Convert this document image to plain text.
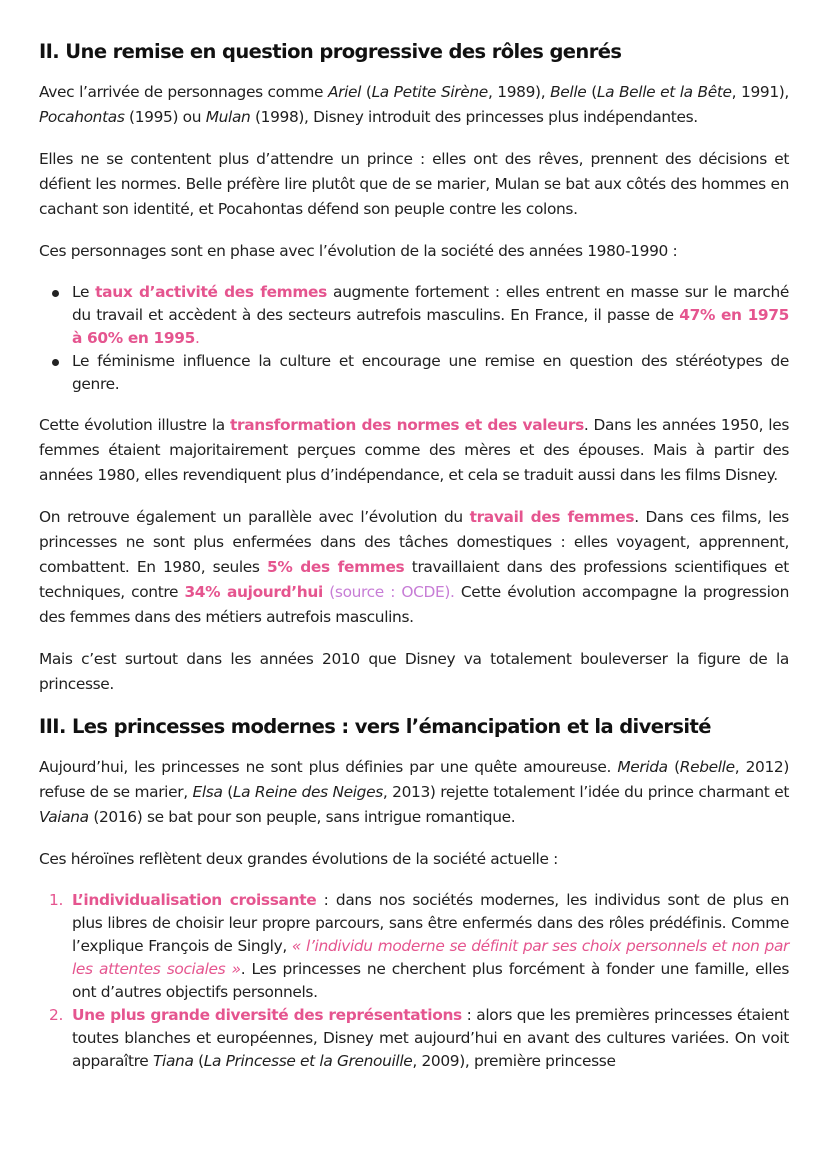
II. Une remise en question progressive des rôles genrés

Avec l’arrivée de personnages comme Ariel (La Petite Sirène, 1989), Belle (La Belle et la Bête, 1991), Pocahontas (1995) ou Mulan (1998), Disney introduit des princesses plus indépendantes.

Elles ne se contentent plus d’attendre un prince : elles ont des rêves, prennent des décisions et défient les normes. Belle préfère lire plutôt que de se marier, Mulan se bat aux côtés des hommes en cachant son identité, et Pocahontas défend son peuple contre les colons.

Ces personnages sont en phase avec l’évolution de la société des années 1980-1990 :

Le taux d’activité des femmes augmente fortement : elles entrent en masse sur le marché du travail et accèdent à des secteurs autrefois masculins. En France, il passe de 47% en 1975 à 60% en 1995.
Le féminisme influence la culture et encourage une remise en question des stéréotypes de genre.

Cette évolution illustre la transformation des normes et des valeurs. Dans les années 1950, les femmes étaient majoritairement perçues comme des mères et des épouses. Mais à partir des années 1980, elles revendiquent plus d’indépendance, et cela se traduit aussi dans les films Disney.

On retrouve également un parallèle avec l’évolution du travail des femmes. Dans ces films, les princesses ne sont plus enfermées dans des tâches domestiques : elles voyagent, apprennent, combattent. En 1980, seules 5% des femmes travaillaient dans des professions scientifiques et techniques, contre 34% aujourd’hui (source : OCDE). Cette évolution accompagne la progression des femmes dans des métiers autrefois masculins.

Mais c’est surtout dans les années 2010 que Disney va totalement bouleverser la figure de la princesse.

III. Les princesses modernes : vers l’émancipation et la diversité

Aujourd’hui, les princesses ne sont plus définies par une quête amoureuse. Merida (Rebelle, 2012) refuse de se marier, Elsa (La Reine des Neiges, 2013) rejette totalement l’idée du prince charmant et Vaiana (2016) se bat pour son peuple, sans intrigue romantique.

Ces héroïnes reflètent deux grandes évolutions de la société actuelle :

1. L’individualisation croissante : dans nos sociétés modernes, les individus sont de plus en plus libres de choisir leur propre parcours, sans être enfermés dans des rôles prédéfinis. Comme l’explique François de Singly, « l’individu moderne se définit par ses choix personnels et non par les attentes sociales ». Les princesses ne cherchent plus forcément à fonder une famille, elles ont d’autres objectifs personnels.
2. Une plus grande diversité des représentations : alors que les premières princesses étaient toutes blanches et européennes, Disney met aujourd’hui en avant des cultures variées. On voit apparaître Tiana (La Princesse et la Grenouille, 2009), première princesse
